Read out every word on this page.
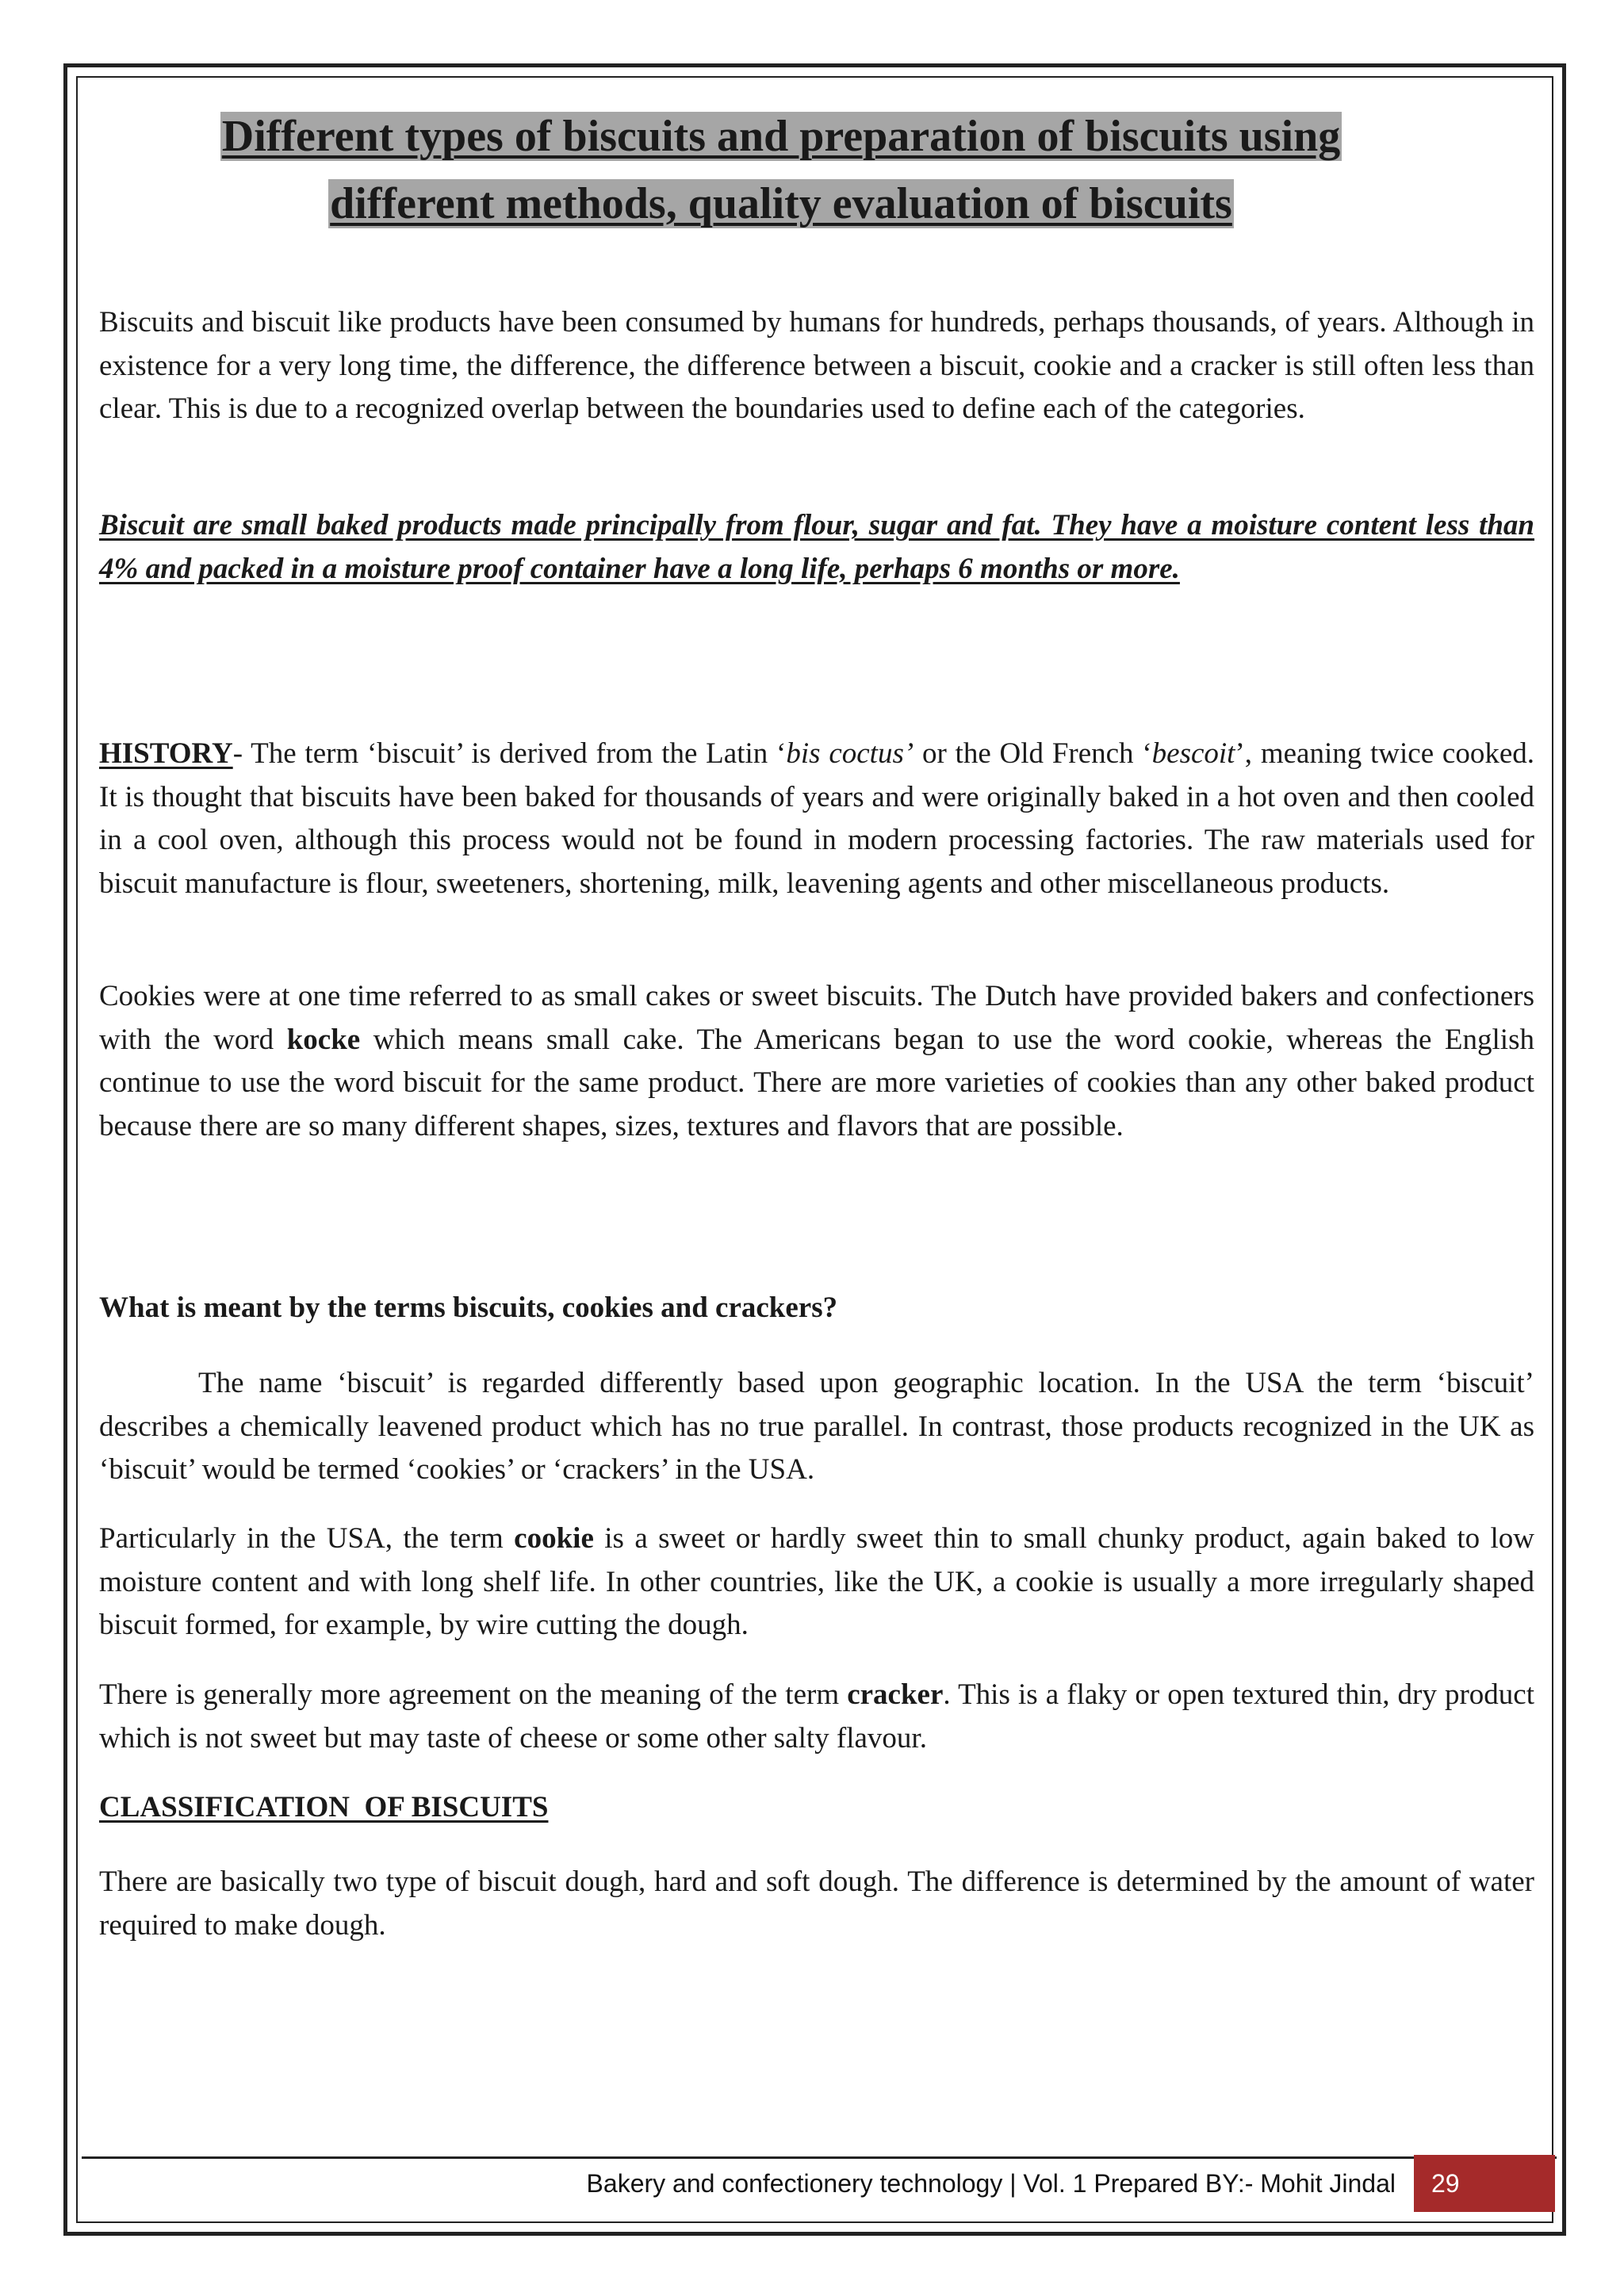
Different types of biscuits and preparation of biscuits using
different methods, quality evaluation of biscuits
Biscuits and biscuit like products have been consumed by humans for hundreds, perhaps thousands, of years. Although in existence for a very long time, the difference, the difference between a biscuit, cookie and a cracker is still often less than clear. This is due to a recognized overlap between the boundaries used to define each of the categories.
Biscuit are small baked products made principally from flour, sugar and fat. They have a moisture content less than 4% and packed in a moisture proof container have a long life, perhaps 6 months or more.
HISTORY- The term ‘biscuit’ is derived from the Latin ‘bis coctus’ or the Old French ‘bescoit’, meaning twice cooked. It is thought that biscuits have been baked for thousands of years and were originally baked in a hot oven and then cooled in a cool oven, although this process would not be found in modern processing factories. The raw materials used for biscuit manufacture is flour, sweeteners, shortening, milk, leavening agents and other miscellaneous products.
Cookies were at one time referred to as small cakes or sweet biscuits. The Dutch have provided bakers and confectioners with the word kocke which means small cake. The Americans began to use the word cookie, whereas the English continue to use the word biscuit for the same product. There are more varieties of cookies than any other baked product because there are so many different shapes, sizes, textures and flavors that are possible.
What is meant by the terms biscuits, cookies and crackers?
The name ‘biscuit’ is regarded differently based upon geographic location. In the USA the term ‘biscuit’ describes a chemically leavened product which has no true parallel. In contrast, those products recognized in the UK as ‘biscuit’ would be termed ‘cookies’ or ‘crackers’ in the USA.
Particularly in the USA, the term cookie is a sweet or hardly sweet thin to small chunky product, again baked to low moisture content and with long shelf life. In other countries, like the UK, a cookie is usually a more irregularly shaped biscuit formed, for example, by wire cutting the dough.
There is generally more agreement on the meaning of the term cracker. This is a flaky or open textured thin, dry product which is not sweet but may taste of cheese or some other salty flavour.
CLASSIFICATION  OF BISCUITS
There are basically two type of biscuit dough, hard and soft dough. The difference is determined by the amount of water required to make dough.
Bakery and confectionery technology | Vol. 1 Prepared BY:- Mohit Jindal	29
